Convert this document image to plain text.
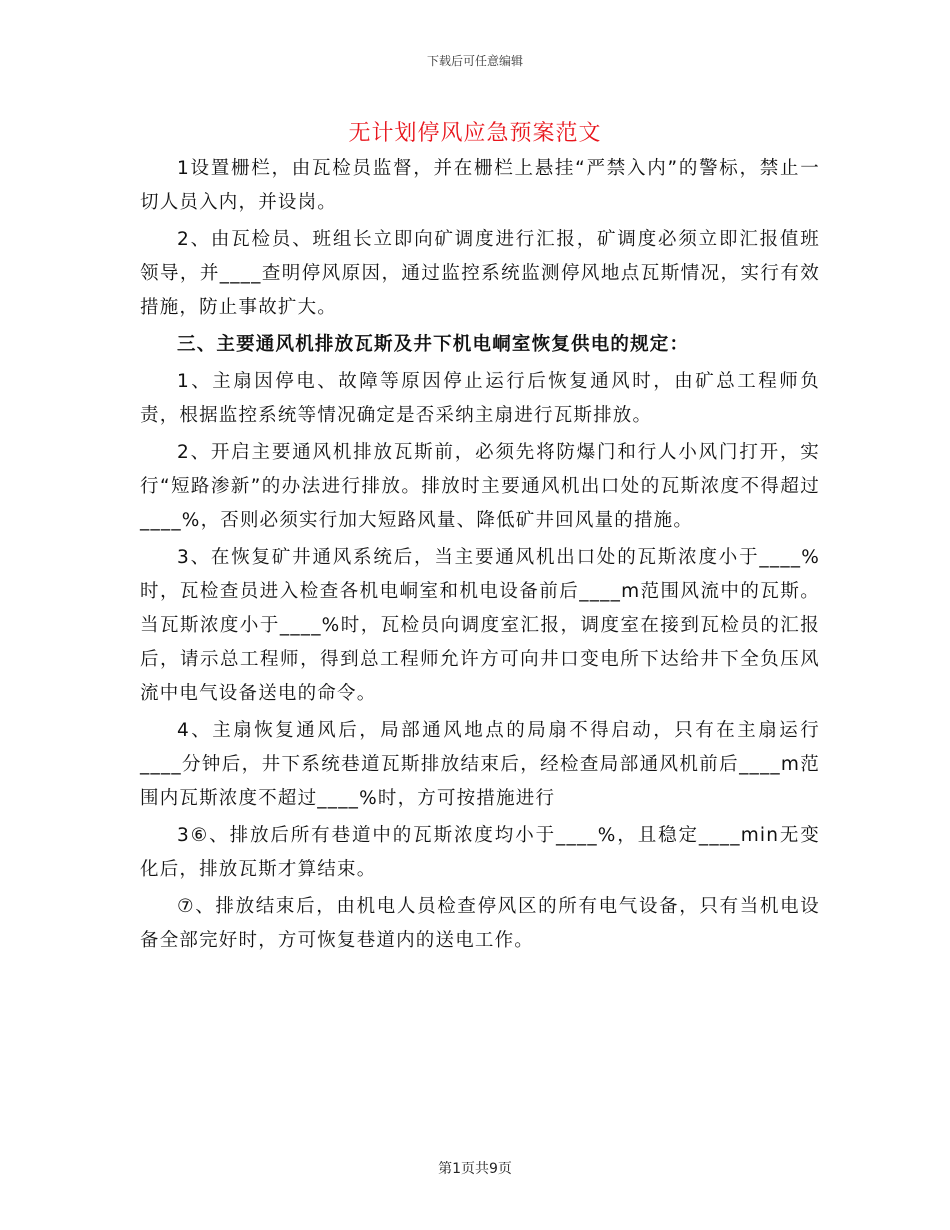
下载后可任意编辑
无计划停风应急预案范文

1设置栅栏，由瓦检员监督，并在栅栏上悬挂“严禁入内”的警标，禁止一切人员入内，并设岗。

2、由瓦检员、班组长立即向矿调度进行汇报，矿调度必须立即汇报值班领导，并____查明停风原因，通过监控系统监测停风地点瓦斯情况，实行有效措施，防止事故扩大。

三、主要通风机排放瓦斯及井下机电峒室恢复供电的规定：

1、主扇因停电、故障等原因停止运行后恢复通风时，由矿总工程师负责，根据监控系统等情况确定是否采纳主扇进行瓦斯排放。

2、开启主要通风机排放瓦斯前，必须先将防爆门和行人小风门打开，实行“短路渗新”的办法进行排放。排放时主要通风机出口处的瓦斯浓度不得超过____%，否则必须实行加大短路风量、降低矿井回风量的措施。

3、在恢复矿井通风系统后，当主要通风机出口处的瓦斯浓度小于____%时，瓦检查员进入检查各机电峒室和机电设备前后____m范围风流中的瓦斯。当瓦斯浓度小于____%时，瓦检员向调度室汇报，调度室在接到瓦检员的汇报后，请示总工程师，得到总工程师允许方可向井口变电所下达给井下全负压风流中电气设备送电的命令。

4、主扇恢复通风后，局部通风地点的局扇不得启动，只有在主扇运行____分钟后，井下系统巷道瓦斯排放结束后，经检查局部通风机前后____m范围内瓦斯浓度不超过____%时，方可按措施进行

3⑥、排放后所有巷道中的瓦斯浓度均小于____%，且稳定____min无变化后，排放瓦斯才算结束。

⑦、排放结束后，由机电人员检查停风区的所有电气设备，只有当机电设备全部完好时，方可恢复巷道内的送电工作。

第1页共9页
